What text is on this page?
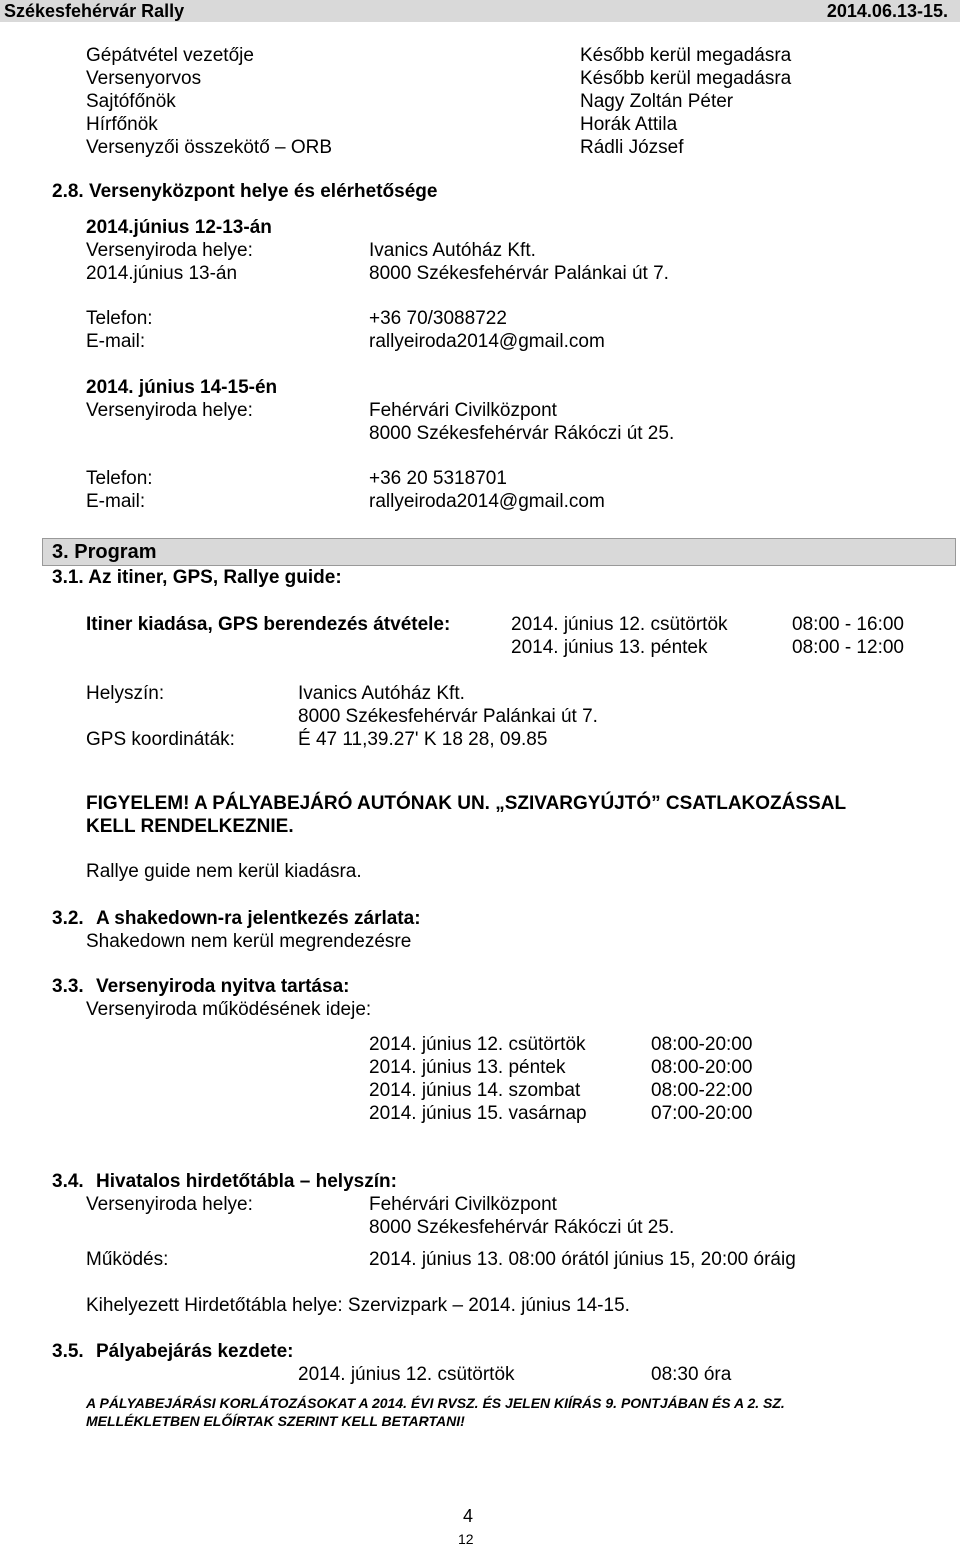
Székesfehérvár Rally	2014.06.13-15.
Gépátvétel vezetője	Később kerül megadásra
Versenyorvos	Később kerül megadásra
Sajtófőnök	Nagy Zoltán Péter
Hírfőnök	Horák Attila
Versenyzői összekötő – ORB	Rádli József
2.8. Versenyközpont helye és elérhetősége
2014.június 12-13-án
Versenyiroda helye:	Ivanics Autóház Kft.
2014.június 13-án	8000 Székesfehérvár Palánkai út 7.
Telefon:	+36 70/3088722
E-mail:	rallyeiroda2014@gmail.com
2014. június 14-15-én
Versenyiroda helye:	Fehérvári Civilközpont
8000 Székesfehérvár Rákóczi út 25.
Telefon:	+36 20 5318701
E-mail:	rallyeiroda2014@gmail.com
3. Program
3.1. Az itiner, GPS, Rallye guide:
Itiner kiadása, GPS berendezés átvétele:	2014. június 12. csütörtök	08:00 - 16:00
2014. június 13. péntek	08:00 - 12:00
Helyszín:	Ivanics Autóház Kft.
8000 Székesfehérvár Palánkai út 7.
GPS koordináták:	É 47 11,39.27' K 18 28, 09.85
FIGYELEM! A PÁLYABEJÁRÓ AUTÓNAK UN. „SZIVARGYÚJTÓ” CSATLAKOZÁSSAL
KELL RENDELKEZNIE.
Rallye guide nem kerül kiadásra.
3.2. A shakedown-ra jelentkezés zárlata:
Shakedown nem kerül megrendezésre
3.3. Versenyiroda nyitva tartása:
Versenyiroda működésének ideje:
2014. június 12. csütörtök	08:00-20:00
2014. június 13. péntek	08:00-20:00
2014. június 14. szombat	08:00-22:00
2014. június 15. vasárnap	07:00-20:00
3.4. Hivatalos hirdetőtábla – helyszín:
Versenyiroda helye:	Fehérvári Civilközpont
8000 Székesfehérvár Rákóczi út 25.
Működés:	2014. június 13. 08:00 órától június 15, 20:00 óráig
Kihelyezett Hirdetőtábla helye: Szervizpark – 2014. június 14-15.
3.5. Pályabejárás kezdete:
2014. június 12. csütörtök	08:30 óra
A PÁLYABEJÁRÁSI KORLÁTOZÁSOKAT A 2014. ÉVI RVSZ. ÉS JELEN KIÍRÁS 9. PONTJÁBAN ÉS A 2. SZ.
MELLÉKLETBEN ELŐÍRTAK SZERINT KELL BETARTANI!
4
12
